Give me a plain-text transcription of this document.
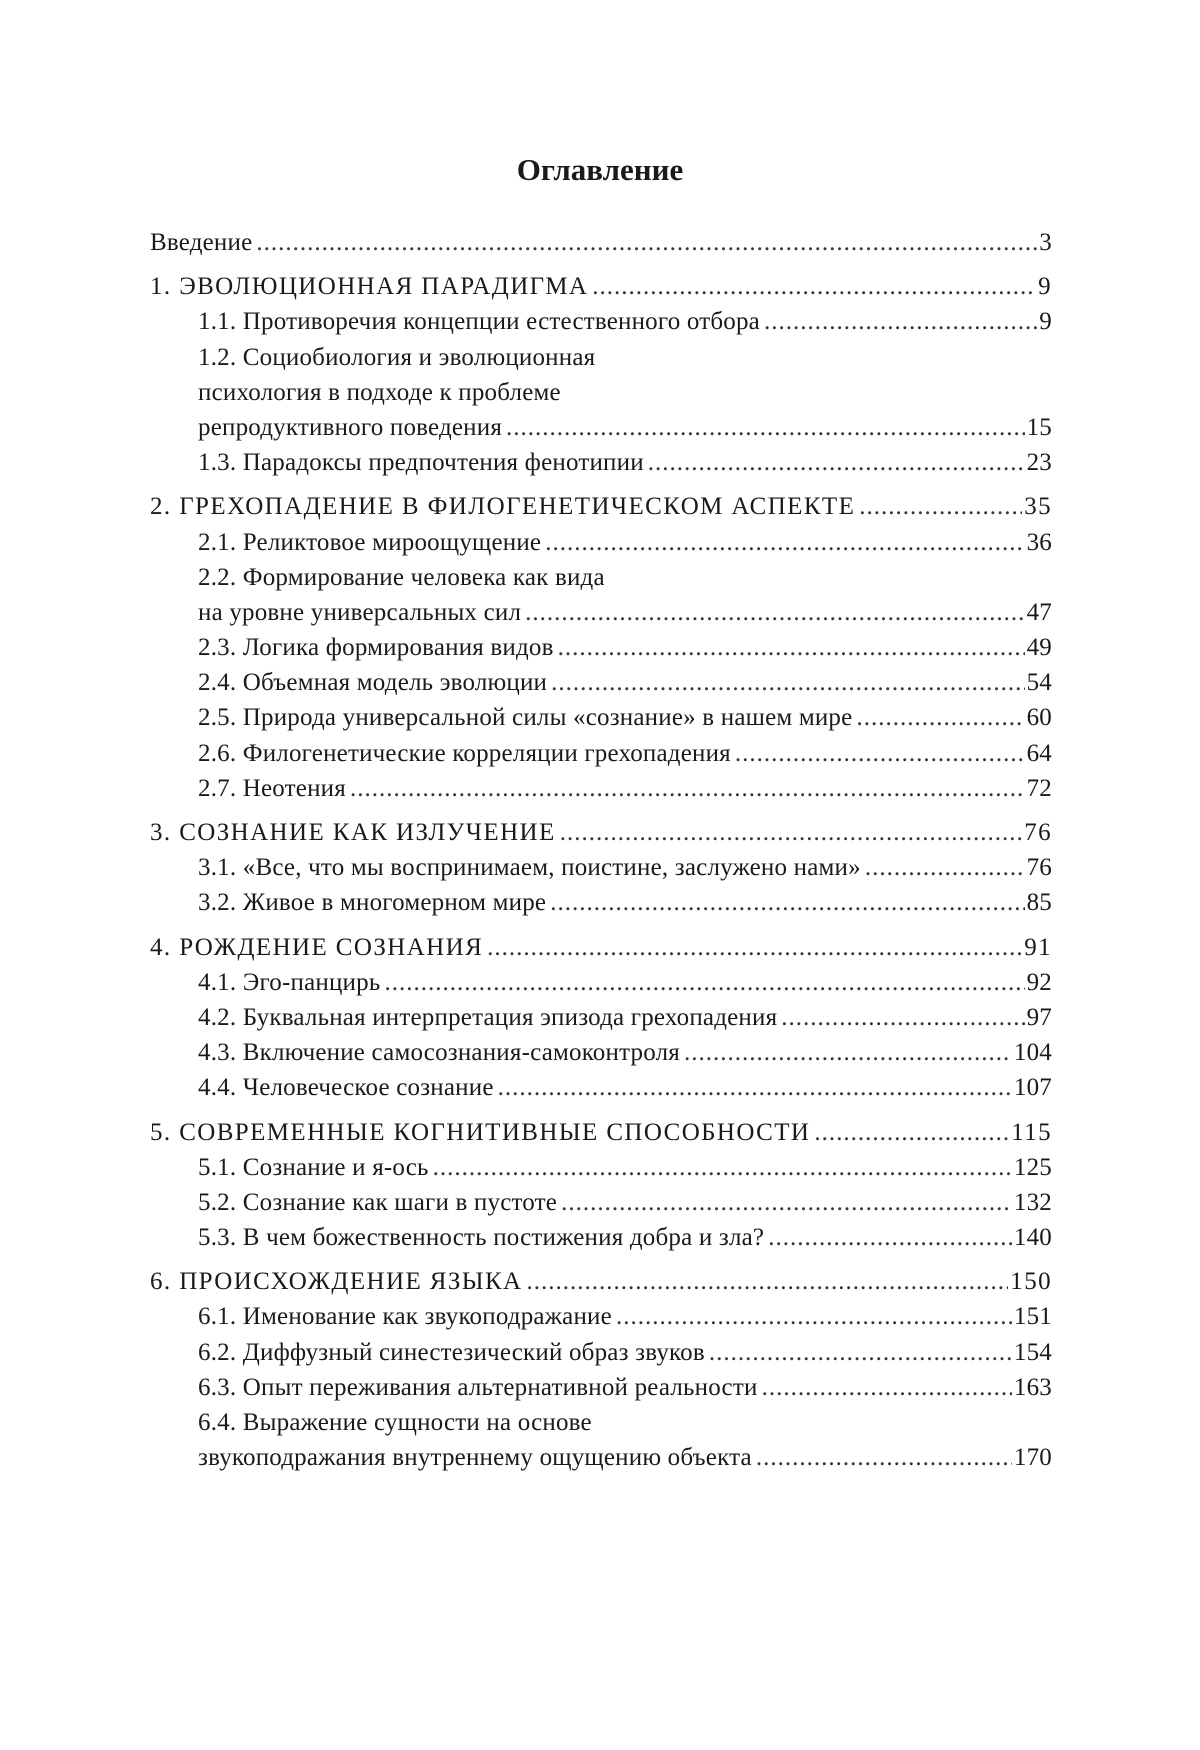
Оглавление
Введение .....	3
1. ЭВОЛЮЦИОННАЯ ПАРАДИГМА .....	9
1.1. Противоречия концепции естественного отбора .....	9
1.2. Социобиология и эволюционная
психология в подходе к проблеме
репродуктивного поведения .....	15
1.3. Парадоксы предпочтения фенотипии .....	23
2. ГРЕХОПАДЕНИЕ В ФИЛОГЕНЕТИЧЕСКОМ АСПЕКТЕ .....	35
2.1. Реликтовое мироощущение .....	36
2.2. Формирование человека как вида
на уровне универсальных сил .....	47
2.3. Логика формирования видов .....	49
2.4. Объемная модель эволюции .....	54
2.5. Природа универсальной силы «сознание» в нашем мире .....	60
2.6. Филогенетические корреляции грехопадения .....	64
2.7. Неотения .....	72
3. СОЗНАНИЕ КАК ИЗЛУЧЕНИЕ .....	76
3.1. «Все, что мы воспринимаем, поистине, заслужено нами» .....	76
3.2. Живое в многомерном мире .....	85
4. РОЖДЕНИЕ СОЗНАНИЯ .....	91
4.1. Эго-панцирь .....	92
4.2. Буквальная интерпретация эпизода грехопадения .....	97
4.3. Включение самосознания-самоконтроля .....	104
4.4. Человеческое сознание .....	107
5. СОВРЕМЕННЫЕ КОГНИТИВНЫЕ СПОСОБНОСТИ .....	115
5.1. Сознание и я-ось .....	125
5.2. Сознание как шаги в пустоте .....	132
5.3. В чем божественность постижения добра и зла? .....	140
6. ПРОИСХОЖДЕНИЕ ЯЗЫКА .....	150
6.1. Именование как звукоподражание .....	151
6.2. Диффузный синестезический образ звуков .....	154
6.3. Опыт переживания альтернативной реальности .....	163
6.4. Выражение сущности на основе
звукоподражания внутреннему ощущению объекта .....	170
